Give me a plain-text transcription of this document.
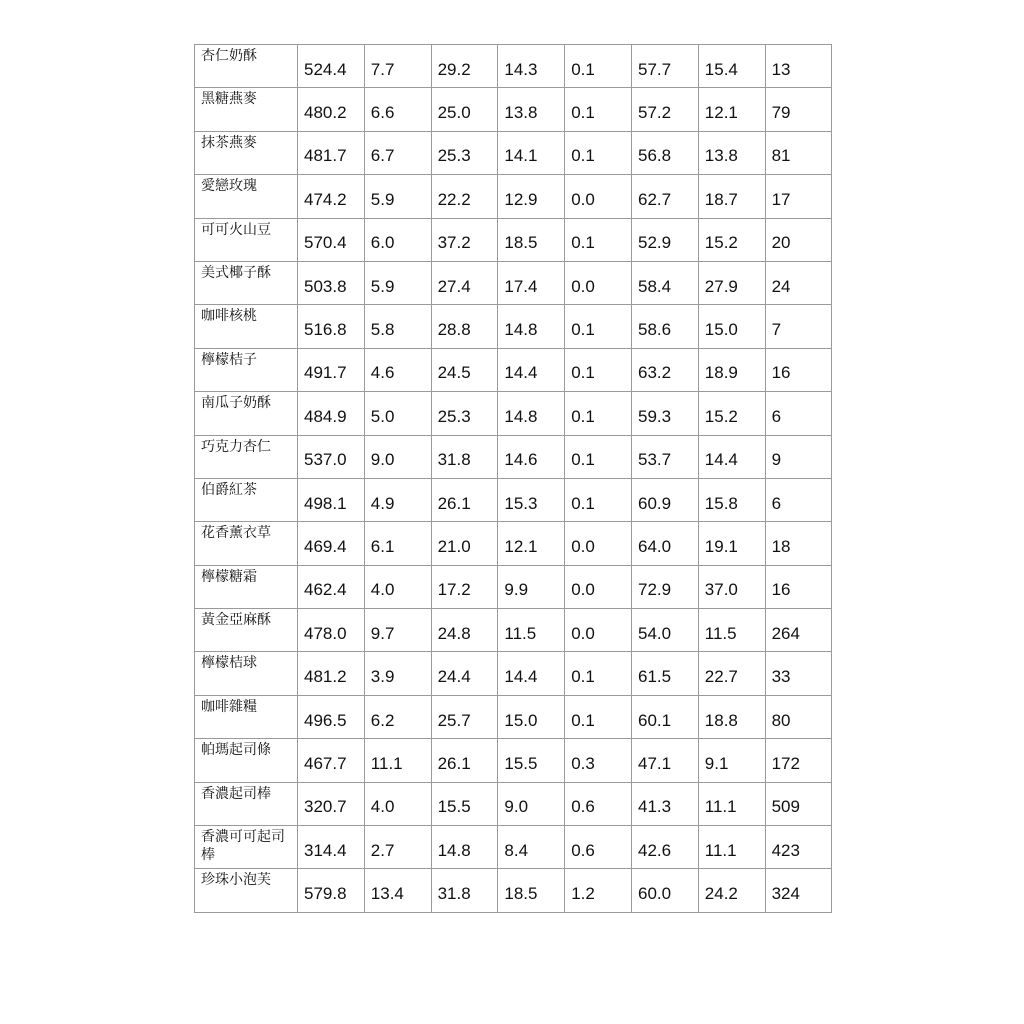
杏仁奶酥	524.4	7.7	29.2	14.3	0.1	57.7	15.4	13
黑糖燕麥	480.2	6.6	25.0	13.8	0.1	57.2	12.1	79
抹茶燕麥	481.7	6.7	25.3	14.1	0.1	56.8	13.8	81
愛戀玫瑰	474.2	5.9	22.2	12.9	0.0	62.7	18.7	17
可可火山豆	570.4	6.0	37.2	18.5	0.1	52.9	15.2	20
美式椰子酥	503.8	5.9	27.4	17.4	0.0	58.4	27.9	24
咖啡核桃	516.8	5.8	28.8	14.8	0.1	58.6	15.0	7
檸檬桔子	491.7	4.6	24.5	14.4	0.1	63.2	18.9	16
南瓜子奶酥	484.9	5.0	25.3	14.8	0.1	59.3	15.2	6
巧克力杏仁	537.0	9.0	31.8	14.6	0.1	53.7	14.4	9
伯爵紅茶	498.1	4.9	26.1	15.3	0.1	60.9	15.8	6
花香薰衣草	469.4	6.1	21.0	12.1	0.0	64.0	19.1	18
檸檬糖霜	462.4	4.0	17.2	9.9	0.0	72.9	37.0	16
黃金亞麻酥	478.0	9.7	24.8	11.5	0.0	54.0	11.5	264
檸檬桔球	481.2	3.9	24.4	14.4	0.1	61.5	22.7	33
咖啡雜糧	496.5	6.2	25.7	15.0	0.1	60.1	18.8	80
帕瑪起司條	467.7	11.1	26.1	15.5	0.3	47.1	9.1	172
香濃起司棒	320.7	4.0	15.5	9.0	0.6	41.3	11.1	509
香濃可可起司棒	314.4	2.7	14.8	8.4	0.6	42.6	11.1	423
珍珠小泡芙	579.8	13.4	31.8	18.5	1.2	60.0	24.2	324
